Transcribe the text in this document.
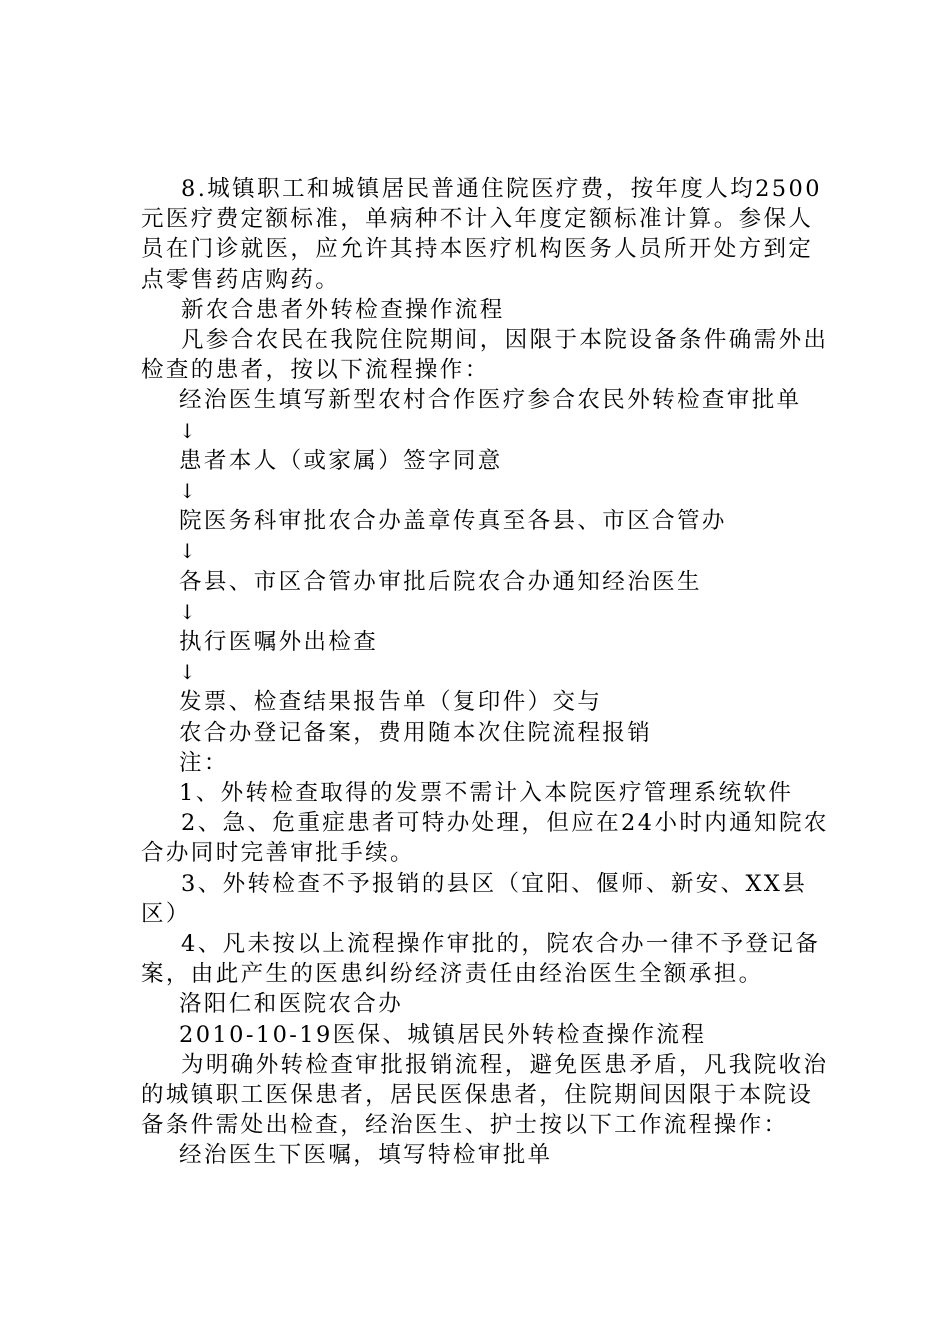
8.城镇职工和城镇居民普通住院医疗费，按年度人均2500元医疗费定额标准，单病种不计入年度定额标准计算。参保人员在门诊就医，应允许其持本医疗机构医务人员所开处方到定点零售药店购药。

新农合患者外转检查操作流程

凡参合农民在我院住院期间，因限于本院设备条件确需外出检查的患者，按以下流程操作：

经治医生填写新型农村合作医疗参合农民外转检查审批单

↓

患者本人（或家属）签字同意

↓

院医务科审批农合办盖章传真至各县、市区合管办

↓

各县、市区合管办审批后院农合办通知经治医生

↓

执行医嘱外出检查

↓

发票、检查结果报告单（复印件）交与

农合办登记备案，费用随本次住院流程报销

注：

1、外转检查取得的发票不需计入本院医疗管理系统软件

2、急、危重症患者可特办处理，但应在24小时内通知院农合办同时完善审批手续。

3、外转检查不予报销的县区（宜阳、偃师、新安、XX县区）

4、凡未按以上流程操作审批的，院农合办一律不予登记备案，由此产生的医患纠纷经济责任由经治医生全额承担。

洛阳仁和医院农合办

2010-10-19医保、城镇居民外转检查操作流程

为明确外转检查审批报销流程，避免医患矛盾，凡我院收治的城镇职工医保患者，居民医保患者，住院期间因限于本院设备条件需处出检查，经治医生、护士按以下工作流程操作：

经治医生下医嘱，填写特检审批单
